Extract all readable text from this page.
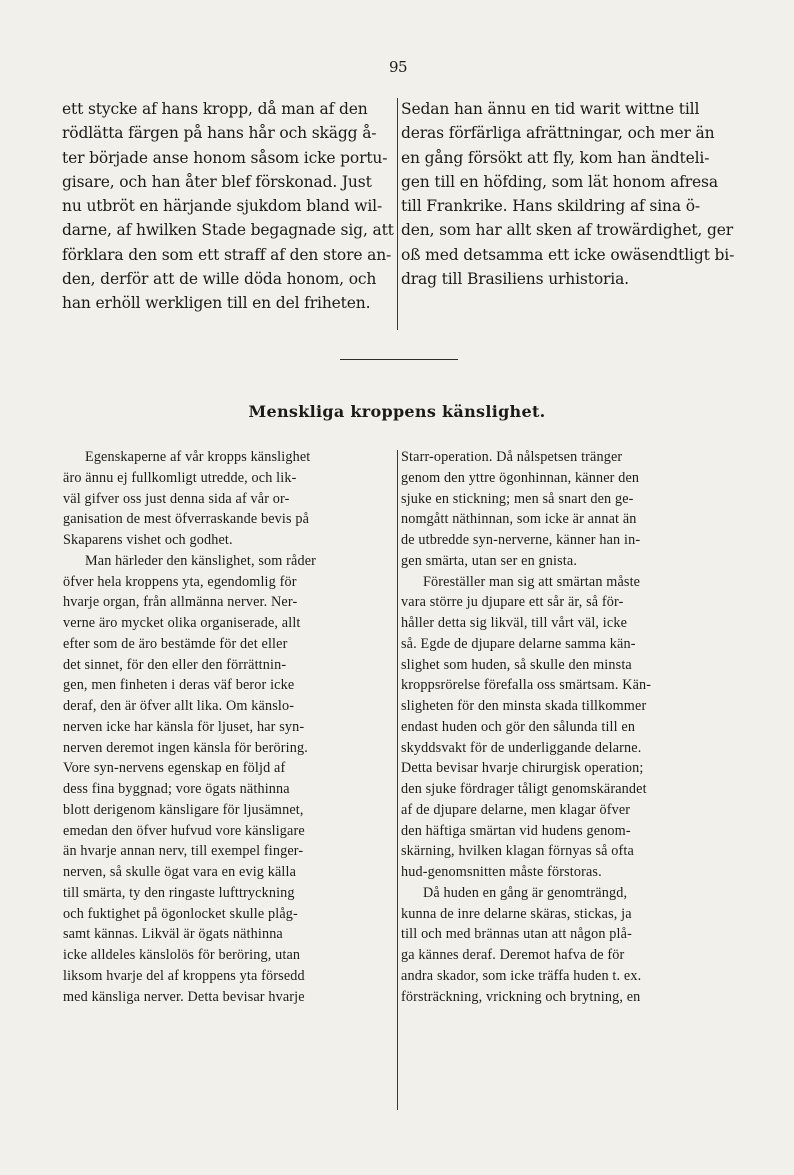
95
ett stycke af hans kropp, då man af den
rödlätta färgen på hans hår och skägg å-
ter började anse honom såsom icke portu-
gisare, och han åter blef förskonad. Just
nu utbröt en härjande sjukdom bland wil-
darne, af hwilken Stade begagnade sig, att
förklara den som ett straff af den store an-
den, derför att de wille döda honom, och
han erhöll werkligen till en del friheten.
Sedan han ännu en tid warit wittne till
deras förfärliga afrättningar, och mer än
en gång försökt att fly, kom han ändteli-
gen till en höfding, som lät honom afresa
till Frankrike. Hans skildring af sina ö-
den, som har allt sken af trowärdighet, ger
oß med detsamma ett icke owäsendtligt bi-
drag till Brasiliens urhistoria.
Menskliga kroppens känslighet.
Egenskaperne af vår kropps känslighet
äro ännu ej fullkomligt utredde, och lik-
väl gifver oss just denna sida af vår or-
ganisation de mest öfverraskande bevis på
Skaparens vishet och godhet.
Man härleder den känslighet, som råder
öfver hela kroppens yta, egendomlig för
hvarje organ, från allmänna nerver. Ner-
verne äro mycket olika organiserade, allt
efter som de äro bestämde för det eller
det sinnet, för den eller den förrättnin-
gen, men finheten i deras väf beror icke
deraf, den är öfver allt lika. Om känslo-
nerven icke har känsla för ljuset, har syn-
nerven deremot ingen känsla för beröring.
Vore syn-nervens egenskap en följd af
dess fina byggnad; vore ögats näthinna
blott derigenom känsligare för ljusämnet,
emedan den öfver hufvud vore känsligare
än hvarje annan nerv, till exempel finger-
nerven, så skulle ögat vara en evig källa
till smärta, ty den ringaste lufttryckning
och fuktighet på ögonlocket skulle plåg-
samt kännas. Likväl är ögats näthinna
icke alldeles känslolös för beröring, utan
liksom hvarje del af kroppens yta försedd
med känsliga nerver. Detta bevisar hvarje
Starr-operation. Då nålspetsen tränger
genom den yttre ögonhinnan, känner den
sjuke en stickning; men så snart den ge-
nomgått näthinnan, som icke är annat än
de utbredde syn-nerverne, känner han in-
gen smärta, utan ser en gnista.
Föreställer man sig att smärtan måste
vara större ju djupare ett sår är, så för-
håller detta sig likväl, till vårt väl, icke
så. Egde de djupare delarne samma kän-
slighet som huden, så skulle den minsta
kroppsrörelse förefalla oss smärtsam. Kän-
sligheten för den minsta skada tillkommer
endast huden och gör den sålunda till en
skyddsvakt för de underliggande delarne.
Detta bevisar hvarje chirurgisk operation;
den sjuke fördrager tåligt genomskärandet
af de djupare delarne, men klagar öfver
den häftiga smärtan vid hudens genom-
skärning, hvilken klagan förnyas så ofta
hud-genomsnitten måste förstoras.
Då huden en gång är genomträngd,
kunna de inre delarne skäras, stickas, ja
till och med brännas utan att någon plå-
ga kännes deraf. Deremot hafva de för
andra skador, som icke träffa huden t. ex.
försträckning, vrickning och brytning, en
